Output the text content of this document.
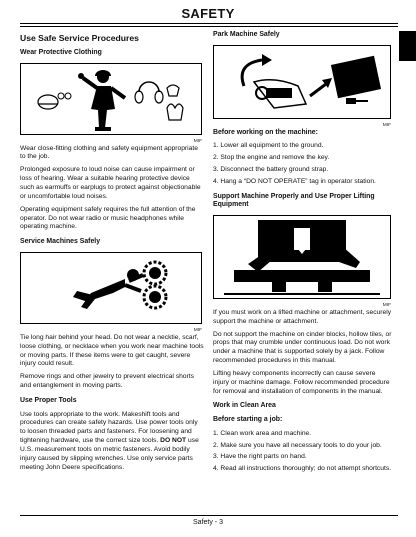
SAFETY
Use Safe Service Procedures
Wear Protective Clothing
MIF

Wear close-fitting clothing and safety equipment appropriate to the job.

Prolonged exposure to loud noise can cause impairment or loss of hearing. Wear a suitable hearing protective device such as earmuffs or earplugs to protect against objectionable or uncomfortable loud noises.

Operating equipment safely requires the full attention of the operator. Do not wear radio or music headphones while operating machine.

Service Machines Safely
MIF

Tie long hair behind your head. Do not wear a necktie, scarf, loose clothing, or necklace when you work near machine tools or moving parts. If these items were to get caught, severe injury could result.

Remove rings and other jewelry to prevent electrical shorts and entanglement in moving parts.

Use Proper Tools

Use tools appropriate to the work. Makeshift tools and procedures can create safety hazards. Use power tools only to loosen threaded parts and fasteners. For loosening and tightening hardware, use the correct size tools. DO NOT use U.S. measurement tools on metric fasteners. Avoid bodily injury caused by slipping wrenches. Use only service parts meeting John Deere specifications.

Park Machine Safely
MIF
Before working on the machine:
1. Lower all equipment to the ground.
2. Stop the engine and remove the key.
3. Disconnect the battery ground strap.
4. Hang a “DO NOT OPERATE” tag in operator station.
Support Machine Properly and Use Proper Lifting Equipment
MIF

If you must work on a lifted machine or attachment, securely support the machine or attachment.

Do not support the machine on cinder blocks, hollow tiles, or props that may crumble under continuous load. Do not work under a machine that is supported solely by a jack. Follow recommended procedures in this manual.

Lifting heavy components incorrectly can cause severe injury or machine damage. Follow recommended procedure for removal and installation of components in the manual.

Work in Clean Area
Before starting a job:
1. Clean work area and machine.
2. Make sure you have all necessary tools to do your job.
3. Have the right parts on hand.
4. Read all instructions thoroughly; do not attempt shortcuts.
Safety - 3
